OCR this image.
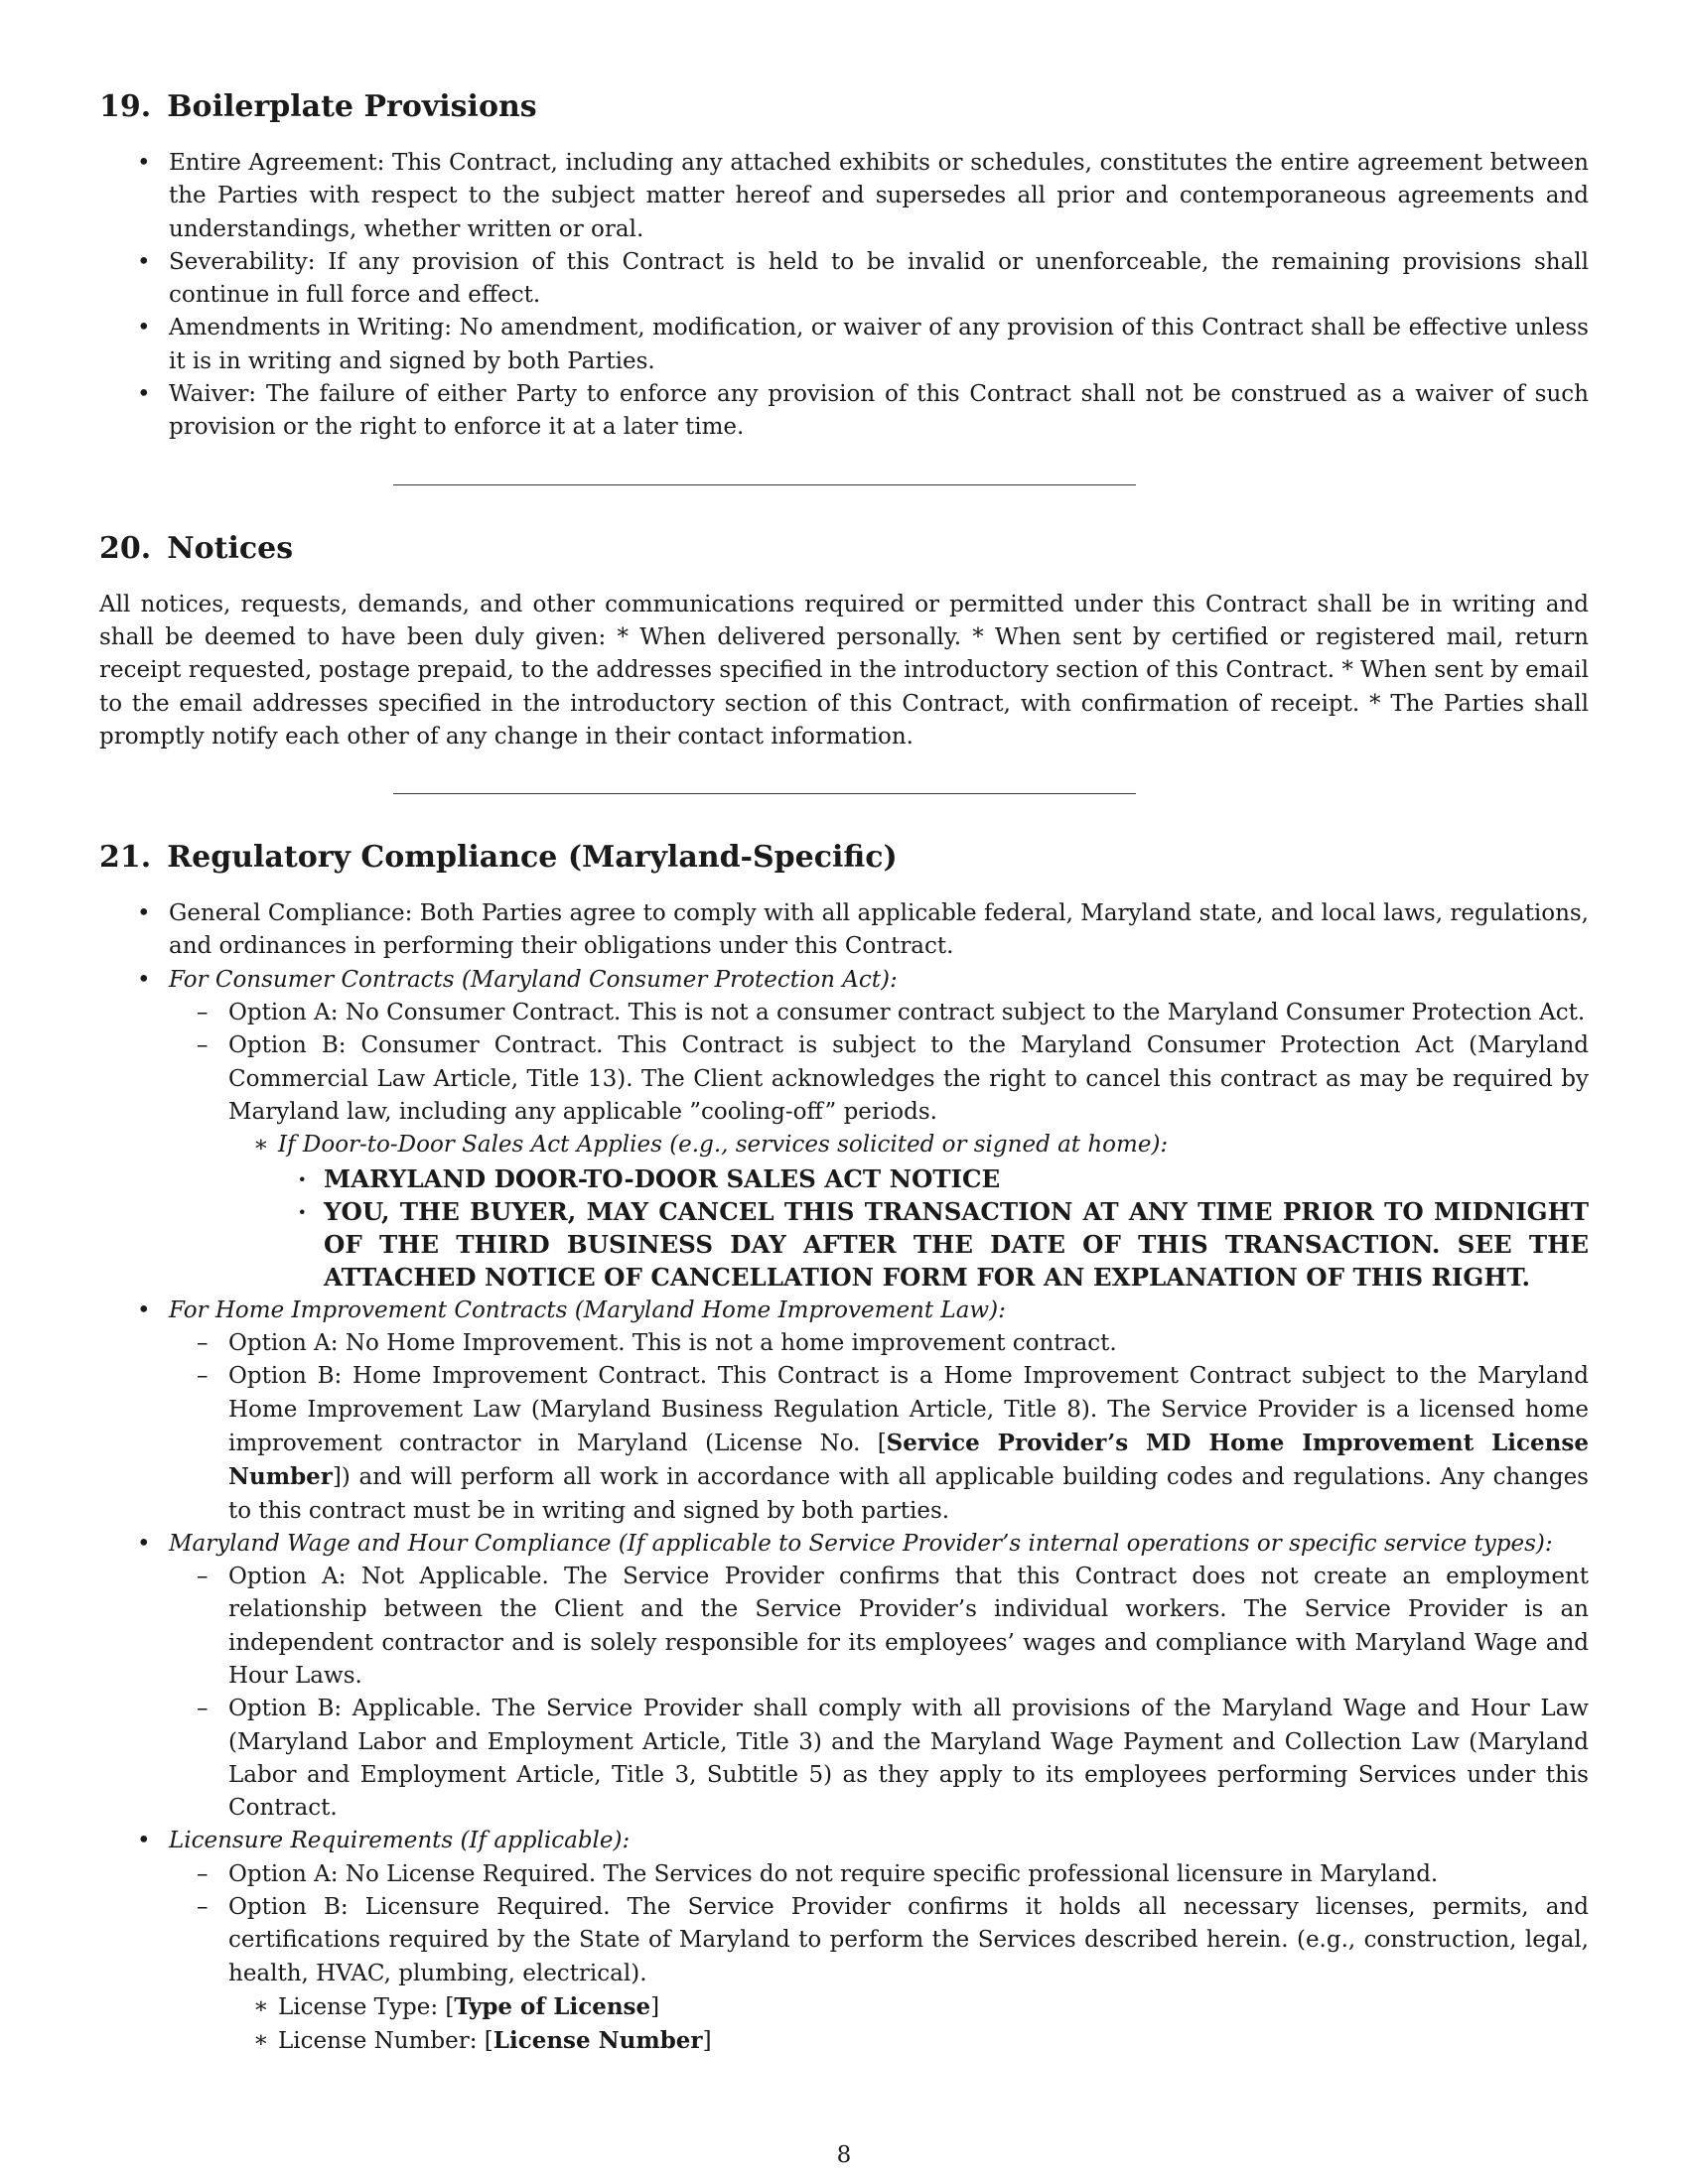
19. Boilerplate Provisions
• Entire Agreement: This Contract, including any attached exhibits or schedules, constitutes the entire agreement between the Parties with respect to the subject matter hereof and supersedes all prior and contemporaneous agreements and understandings, whether written or oral.
• Severability: If any provision of this Contract is held to be invalid or unenforceable, the remaining provisions shall continue in full force and effect.
• Amendments in Writing: No amendment, modification, or waiver of any provision of this Contract shall be effective unless it is in writing and signed by both Parties.
• Waiver: The failure of either Party to enforce any provision of this Contract shall not be construed as a waiver of such provision or the right to enforce it at a later time.
20. Notices

All notices, requests, demands, and other communications required or permitted under this Contract shall be in writing and shall be deemed to have been duly given: * When delivered personally. * When sent by certified or registered mail, return receipt requested, postage prepaid, to the addresses specified in the introductory section of this Contract. * When sent by email to the email addresses specified in the introductory section of this Contract, with confirmation of receipt. * The Parties shall promptly notify each other of any change in their contact information.

21. Regulatory Compliance (Maryland-Specific)
• General Compliance: Both Parties agree to comply with all applicable federal, Maryland state, and local laws, regulations, and ordinances in performing their obligations under this Contract.
• For Consumer Contracts (Maryland Consumer Protection Act):
– Option A: No Consumer Contract. This is not a consumer contract subject to the Maryland Consumer Protection Act.
– Option B: Consumer Contract. This Contract is subject to the Maryland Consumer Protection Act (Maryland Commercial Law Article, Title 13). The Client acknowledges the right to cancel this contract as may be required by Maryland law, including any applicable ”cooling-off” periods.
∗ If Door-to-Door Sales Act Applies (e.g., services solicited or signed at home):
· MARYLAND DOOR-TO-DOOR SALES ACT NOTICE
· YOU, THE BUYER, MAY CANCEL THIS TRANSACTION AT ANY TIME PRIOR TO MIDNIGHT OF THE THIRD BUSINESS DAY AFTER THE DATE OF THIS TRANSACTION. SEE THE ATTACHED NOTICE OF CANCELLATION FORM FOR AN EXPLANATION OF THIS RIGHT.
• For Home Improvement Contracts (Maryland Home Improvement Law):
– Option A: No Home Improvement. This is not a home improvement contract.
– Option B: Home Improvement Contract. This Contract is a Home Improvement Contract subject to the Maryland Home Improvement Law (Maryland Business Regulation Article, Title 8). The Service Provider is a licensed home improvement contractor in Maryland (License No. [Service Provider’s MD Home Improvement License Number]) and will perform all work in accordance with all applicable building codes and regulations. Any changes to this contract must be in writing and signed by both parties.
• Maryland Wage and Hour Compliance (If applicable to Service Provider’s internal operations or specific service types):
– Option A: Not Applicable. The Service Provider confirms that this Contract does not create an employment relationship between the Client and the Service Provider’s individual workers. The Service Provider is an independent contractor and is solely responsible for its employees’ wages and compliance with Maryland Wage and Hour Laws.
– Option B: Applicable. The Service Provider shall comply with all provisions of the Maryland Wage and Hour Law (Maryland Labor and Employment Article, Title 3) and the Maryland Wage Payment and Collection Law (Maryland Labor and Employment Article, Title 3, Subtitle 5) as they apply to its employees performing Services under this Contract.
• Licensure Requirements (If applicable):
– Option A: No License Required. The Services do not require specific professional licensure in Maryland.
– Option B: Licensure Required. The Service Provider confirms it holds all necessary licenses, permits, and certifications required by the State of Maryland to perform the Services described herein. (e.g., construction, legal, health, HVAC, plumbing, electrical).
∗ License Type: [Type of License]
∗ License Number: [License Number]
8
